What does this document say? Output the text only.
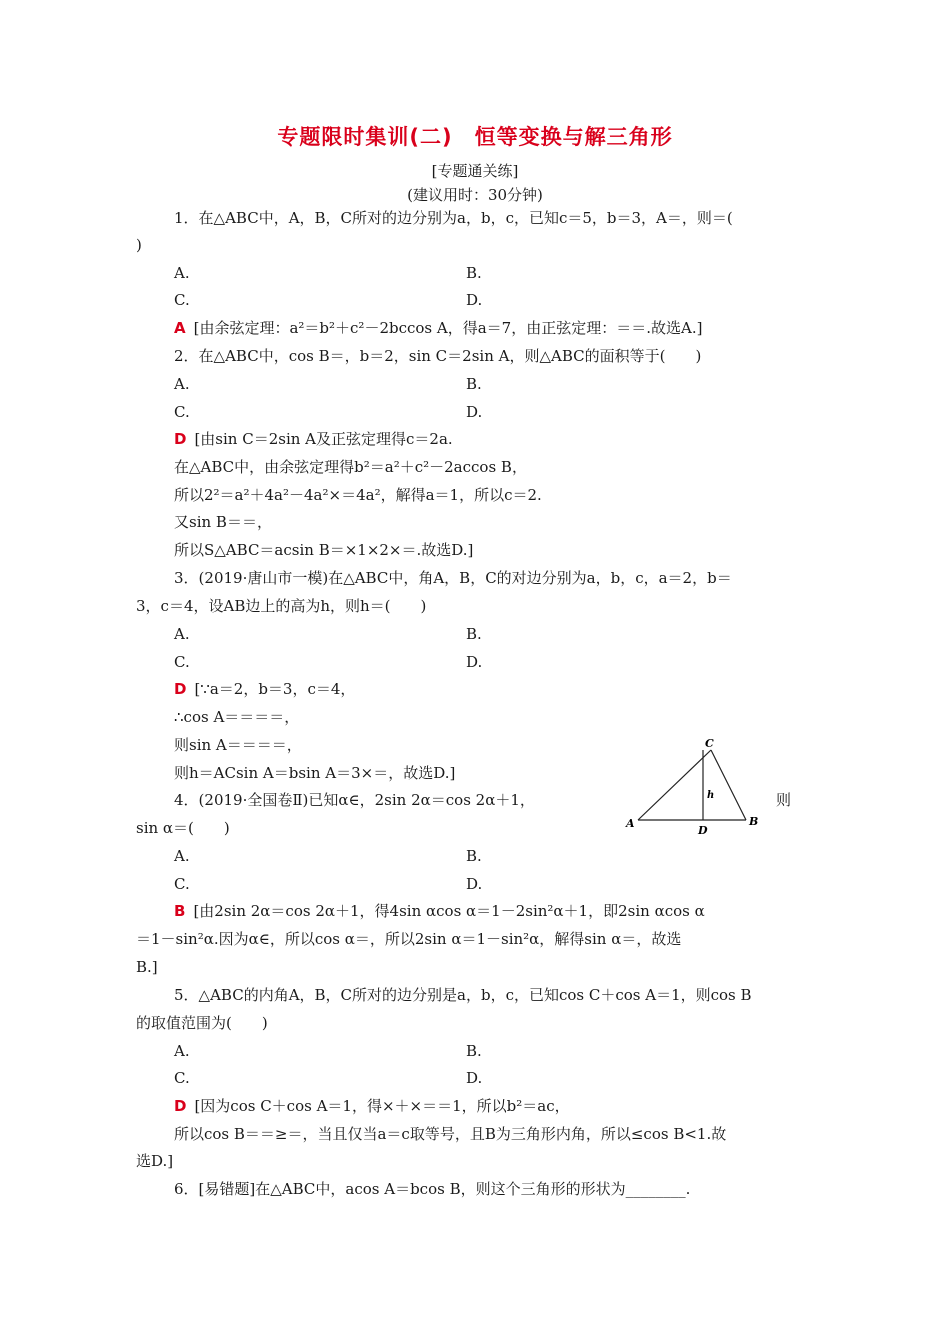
专题限时集训(二)　恒等变换与解三角形
[专题通关练]
(建议用时：30分钟)
1．在△ABC中，A，B，C所对的边分别为a，b，c，已知c＝5，b＝3，A＝，则＝(
)
A.	B.
C.	D.
A [由余弦定理：a²＝b²＋c²－2bccos A，得a＝7，由正弦定理：＝＝.故选A.]
2．在△ABC中，cos B＝，b＝2，sin C＝2sin A，则△ABC的面积等于(　　)
A.	B.
C.	D.
D [由sin C＝2sin A及正弦定理得c＝2a.
在△ABC中，由余弦定理得b²＝a²＋c²－2accos B，
所以2²＝a²＋4a²－4a²×＝4a²，解得a＝1，所以c＝2.
又sin B＝＝，
所以S△ABC＝acsin B＝×1×2×＝.故选D.]
3．(2019·唐山市一模)在△ABC中，角A，B，C的对边分别为a，b，c，a＝2，b＝
3，c＝4，设AB边上的高为h，则h＝(　　)
A.	B.
C.	D.
D [∵a＝2，b＝3，c＝4，
∴cos A＝＝＝＝，
则sin A＝＝＝＝，
则h＝ACsin A＝bsin A＝3×＝，故选D.]
C
A	B
D
h
4．(2019·全国卷Ⅱ)已知α∈，2sin 2α＝cos 2α＋1，	则
sin α＝(　　)
A.	B.
C.	D.
B [由2sin 2α＝cos 2α＋1，得4sin αcos α＝1－2sin²α＋1，即2sin αcos α
＝1－sin²α.因为α∈，所以cos α＝，所以2sin α＝1－sin²α，解得sin α＝，故选
B.]
5．△ABC的内角A，B，C所对的边分别是a，b，c，已知cos C＋cos A＝1，则cos B
的取值范围为(　　)
A.	B.
C.	D.
D [因为cos C＋cos A＝1，得×＋×＝＝1，所以b²＝ac，
所以cos B＝＝≥＝，当且仅当a＝c取等号，且B为三角形内角，所以≤cos B<1.故
选D.]
6．[易错题]在△ABC中，acos A＝bcos B，则这个三角形的形状为________.
